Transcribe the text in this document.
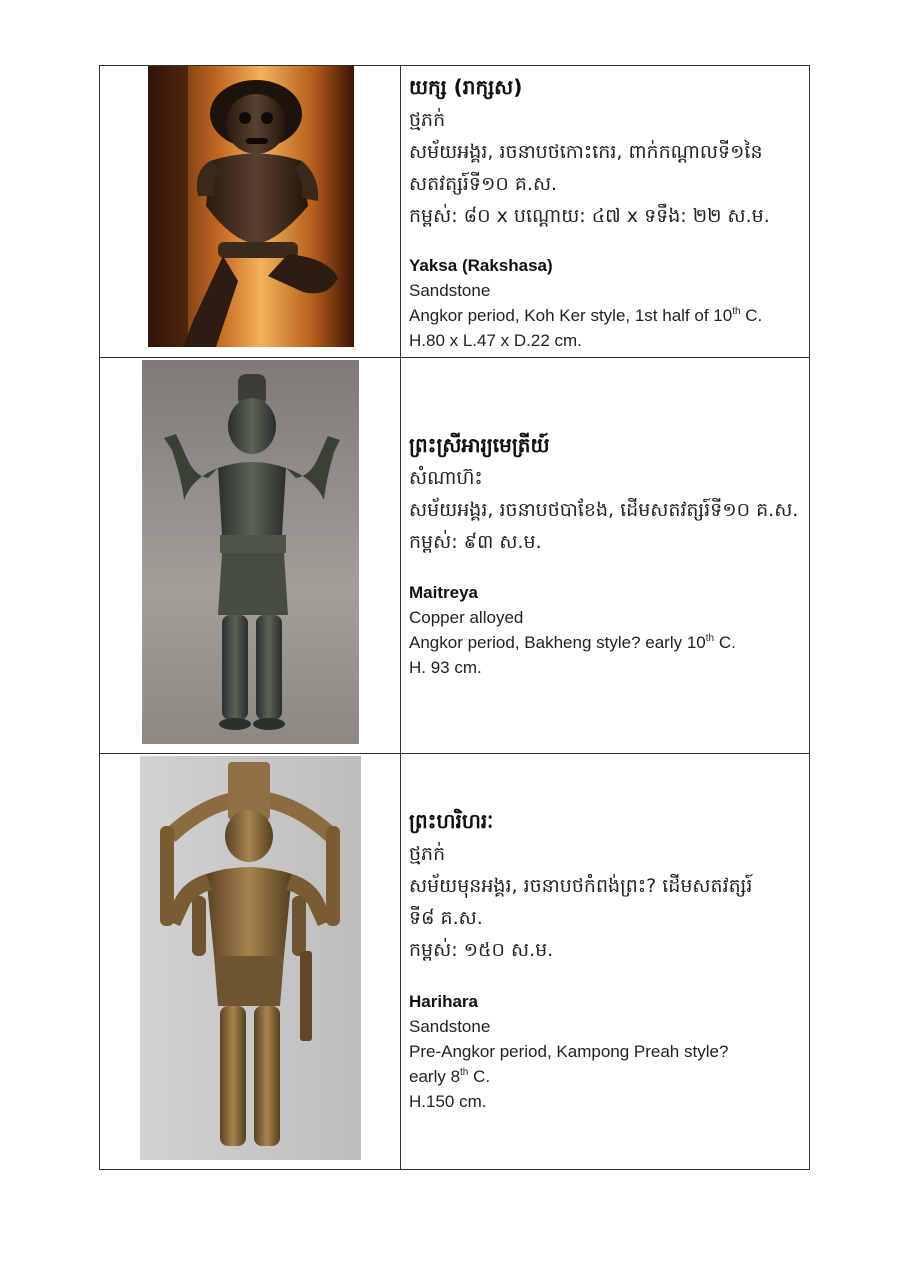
យក្ស (រាក្សស)
ថ្មភក់
សម័យអង្គរ, រចនាបថកោះកេរ, ពាក់កណ្តាលទី១នៃ
សតវត្សរ៍ទី១០ គ.ស.
កម្ពស់: ៨០ x បណ្តោយ: ៤៧ x ទទឹង: ២២ ស.ម.
Yaksa (Rakshasa)
Sandstone
Angkor period, Koh Ker style, 1st half of 10th C.
H.80 x L.47 x D.22 cm.
ព្រះស្រីអារ្យមេត្រីយ៍
សំណាហ៊ះ
សម័យអង្គរ, រចនាបថបាខែង, ដើមសតវត្សរ៍ទី១០ គ.ស.
កម្ពស់: ៩៣ ស.ម.
Maitreya
Copper alloyed
Angkor period, Bakheng style? early 10th C.
H. 93 cm.
ព្រះហរិហរៈ
ថ្មភក់
សម័យមុនអង្គរ, រចនាបថកំពង់ព្រះ? ដើមសតវត្សរ៍
ទី៨ គ.ស.
កម្ពស់: ១៥០ ស.ម.
Harihara
Sandstone
Pre-Angkor period, Kampong Preah style?
early 8th C.
H.150 cm.
